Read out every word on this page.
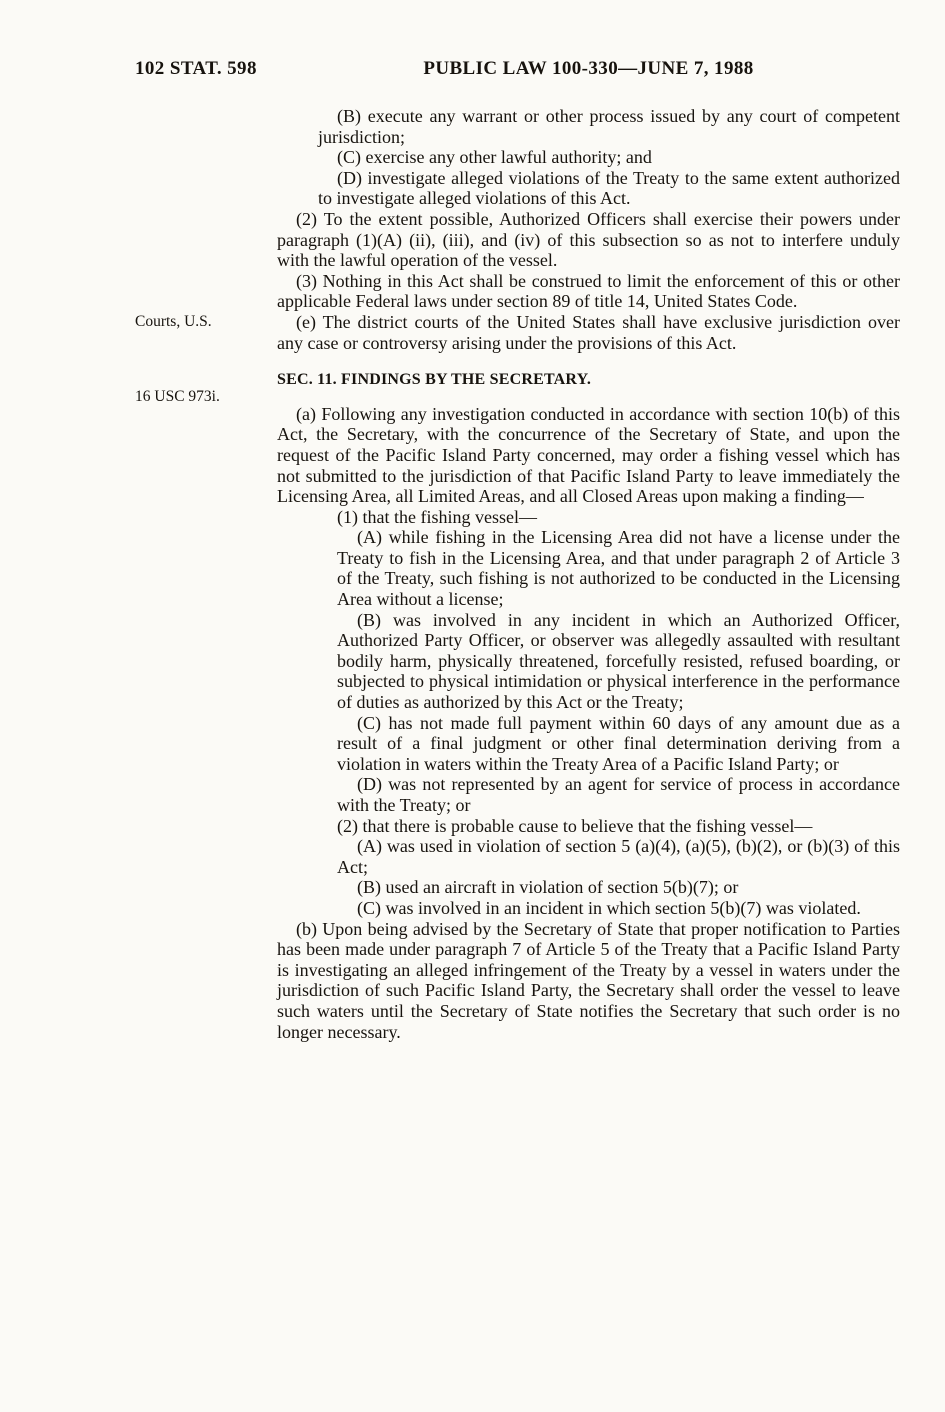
102 STAT. 598	PUBLIC LAW 100-330—JUNE 7, 1988

(B) execute any warrant or other process issued by any court of competent jurisdiction;

(C) exercise any other lawful authority; and

(D) investigate alleged violations of the Treaty to the same extent authorized to investigate alleged violations of this Act.

(2) To the extent possible, Authorized Officers shall exercise their powers under paragraph (1)(A) (ii), (iii), and (iv) of this subsection so as not to interfere unduly with the lawful operation of the vessel.

(3) Nothing in this Act shall be construed to limit the enforcement of this or other applicable Federal laws under section 89 of title 14, United States Code.

Courts, U.S.	(e) The district courts of the United States shall have exclusive jurisdiction over any case or controversy arising under the provisions of this Act.

16 USC 973i.
SEC. 11. FINDINGS BY THE SECRETARY.

(a) Following any investigation conducted in accordance with section 10(b) of this Act, the Secretary, with the concurrence of the Secretary of State, and upon the request of the Pacific Island Party concerned, may order a fishing vessel which has not submitted to the jurisdiction of that Pacific Island Party to leave immediately the Licensing Area, all Limited Areas, and all Closed Areas upon making a finding—

(1) that the fishing vessel—

(A) while fishing in the Licensing Area did not have a license under the Treaty to fish in the Licensing Area, and that under paragraph 2 of Article 3 of the Treaty, such fishing is not authorized to be conducted in the Licensing Area without a license;

(B) was involved in any incident in which an Authorized Officer, Authorized Party Officer, or observer was allegedly assaulted with resultant bodily harm, physically threatened, forcefully resisted, refused boarding, or subjected to physical intimidation or physical interference in the performance of duties as authorized by this Act or the Treaty;

(C) has not made full payment within 60 days of any amount due as a result of a final judgment or other final determination deriving from a violation in waters within the Treaty Area of a Pacific Island Party; or

(D) was not represented by an agent for service of process in accordance with the Treaty; or

(2) that there is probable cause to believe that the fishing vessel—

(A) was used in violation of section 5 (a)(4), (a)(5), (b)(2), or (b)(3) of this Act;

(B) used an aircraft in violation of section 5(b)(7); or

(C) was involved in an incident in which section 5(b)(7) was violated.

(b) Upon being advised by the Secretary of State that proper notification to Parties has been made under paragraph 7 of Article 5 of the Treaty that a Pacific Island Party is investigating an alleged infringement of the Treaty by a vessel in waters under the jurisdiction of such Pacific Island Party, the Secretary shall order the vessel to leave such waters until the Secretary of State notifies the Secretary that such order is no longer necessary.
